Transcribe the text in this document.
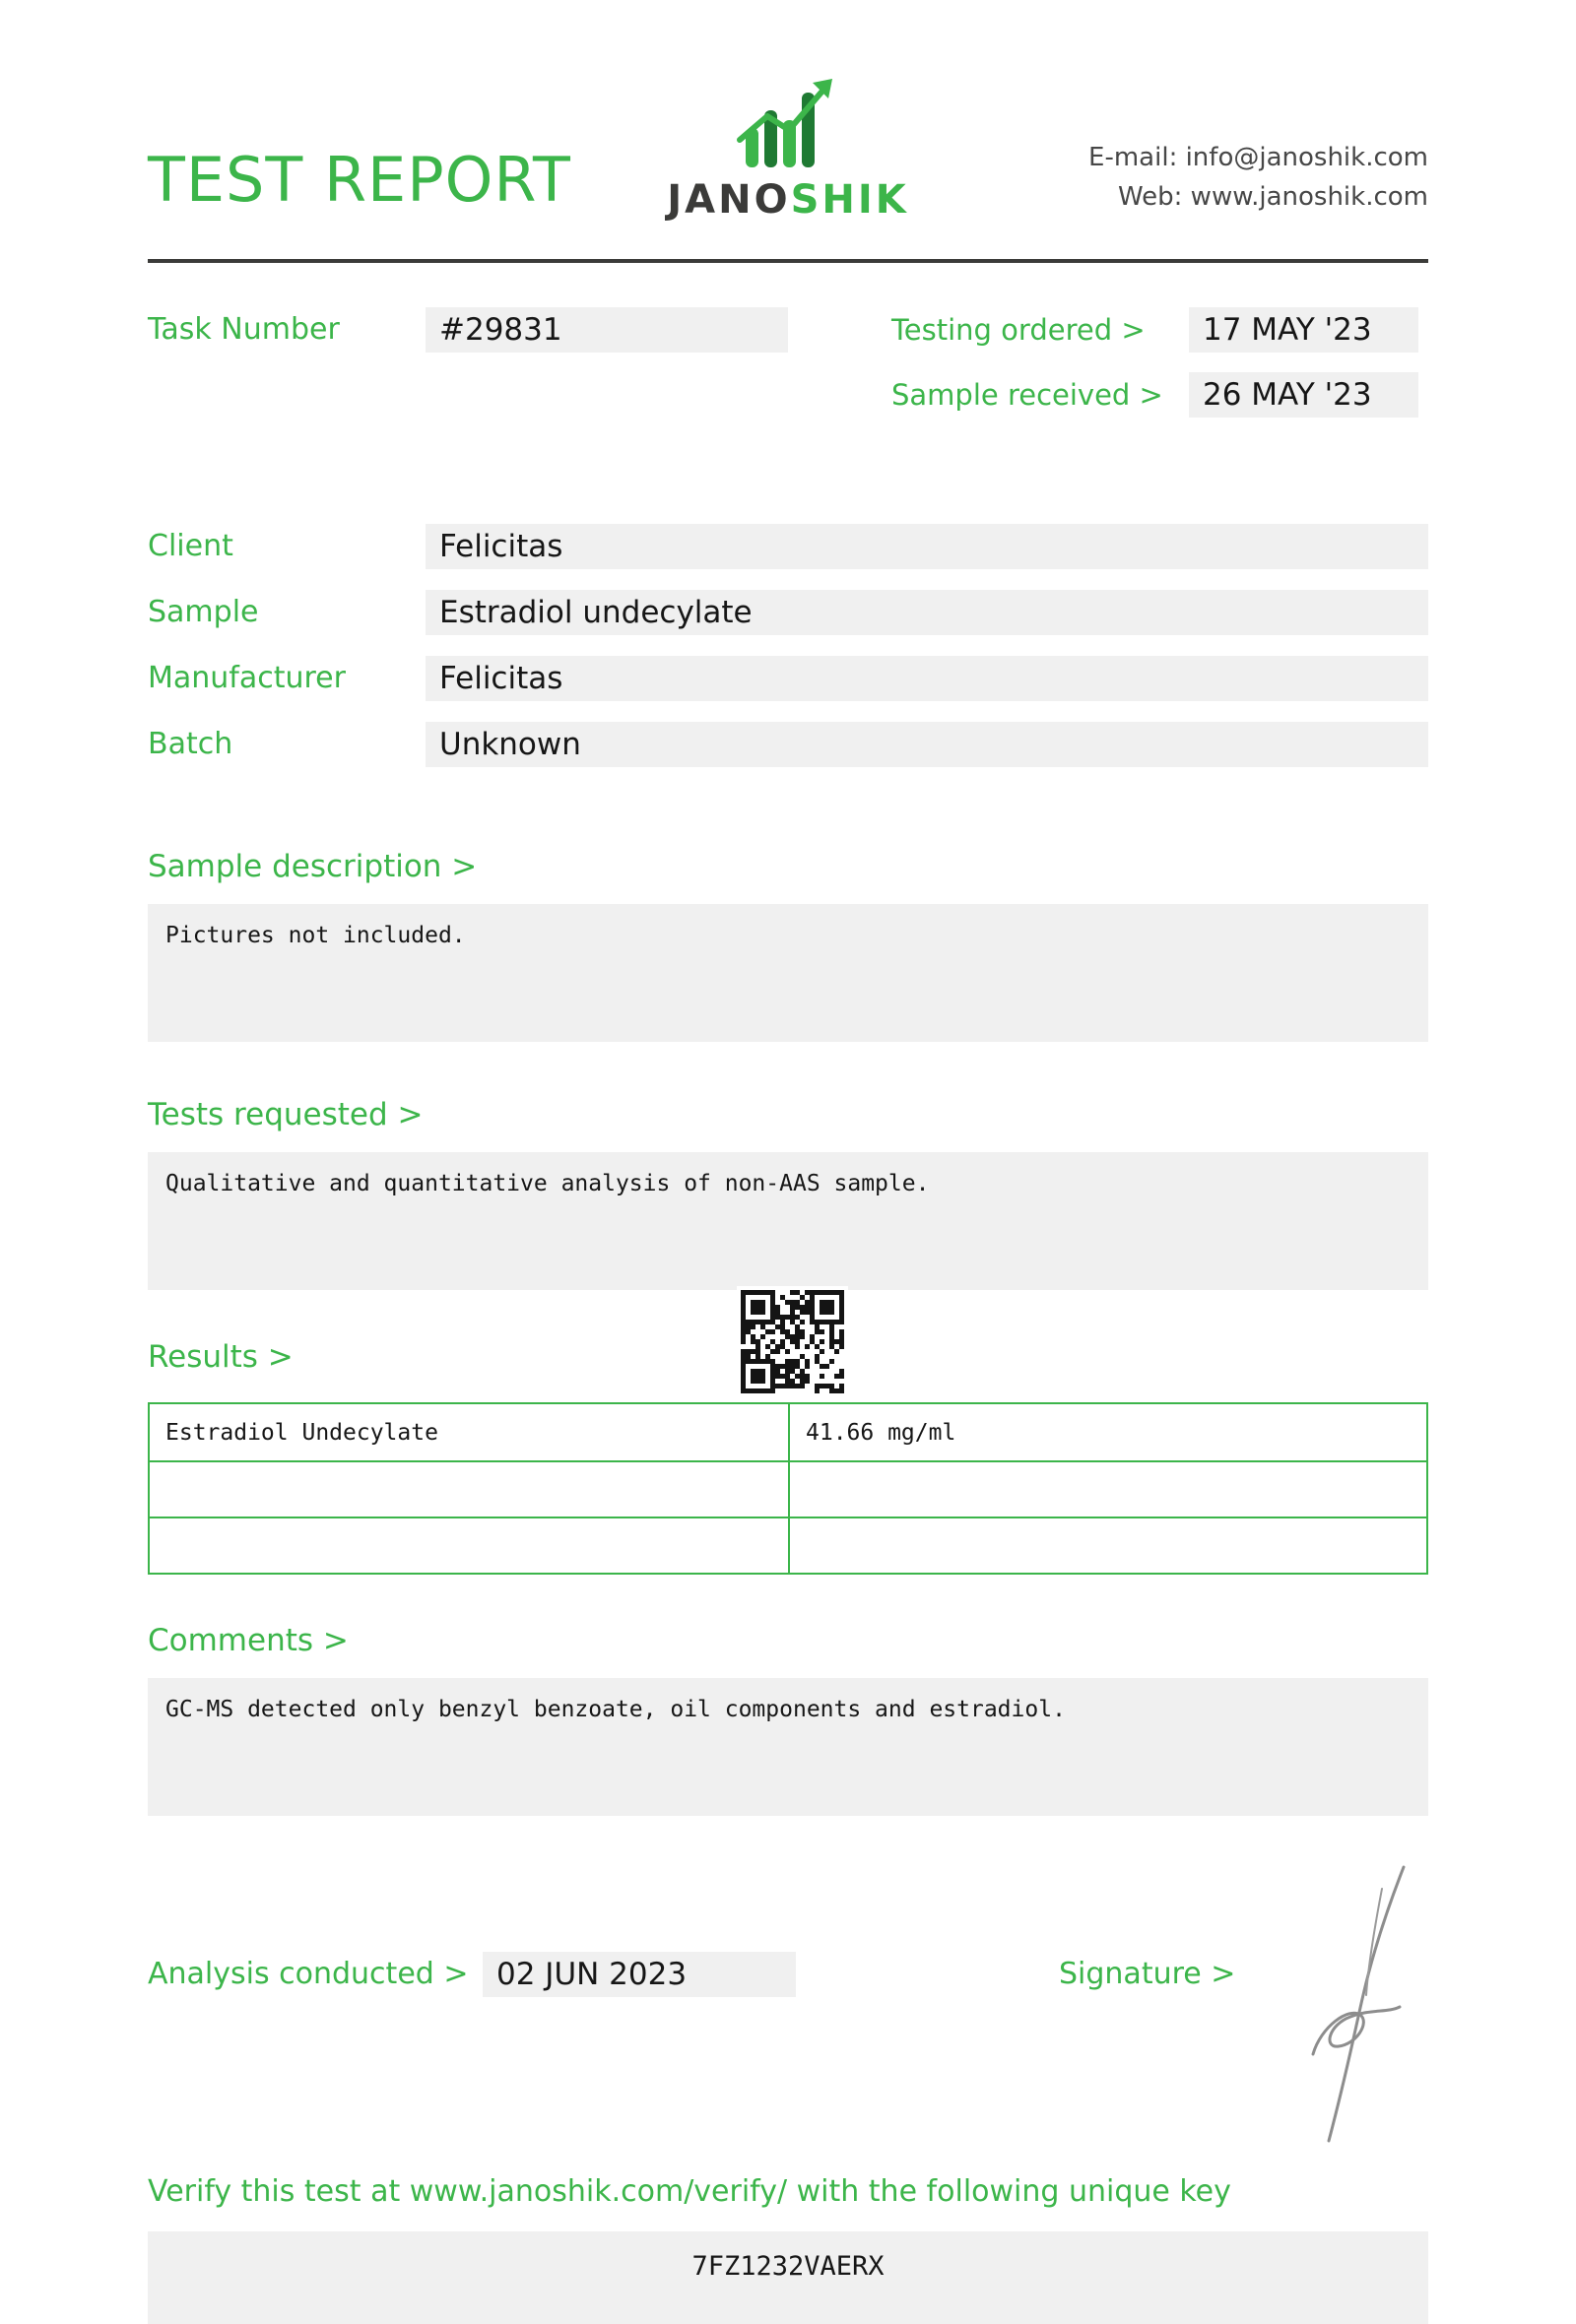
TEST REPORT	JANOSHIK
E-mail: info@janoshik.com
Web: www.janoshik.com
Task Number	#29831	Testing ordered >	17 MAY '23
Sample received >	26 MAY '23
Client	Felicitas
Sample	Estradiol undecylate
Manufacturer	Felicitas
Batch	Unknown
Sample description >
Pictures not included.
Tests requested >
Qualitative and quantitative analysis of non-AAS sample.
Results >
Estradiol Undecylate	41.66 mg/ml
Comments >
GC-MS detected only benzyl benzoate, oil components and estradiol.
Analysis conducted > 02 JUN 2023	Signature >
Verify this test at www.janoshik.com/verify/ with the following unique key
7FZ1232VAERX
